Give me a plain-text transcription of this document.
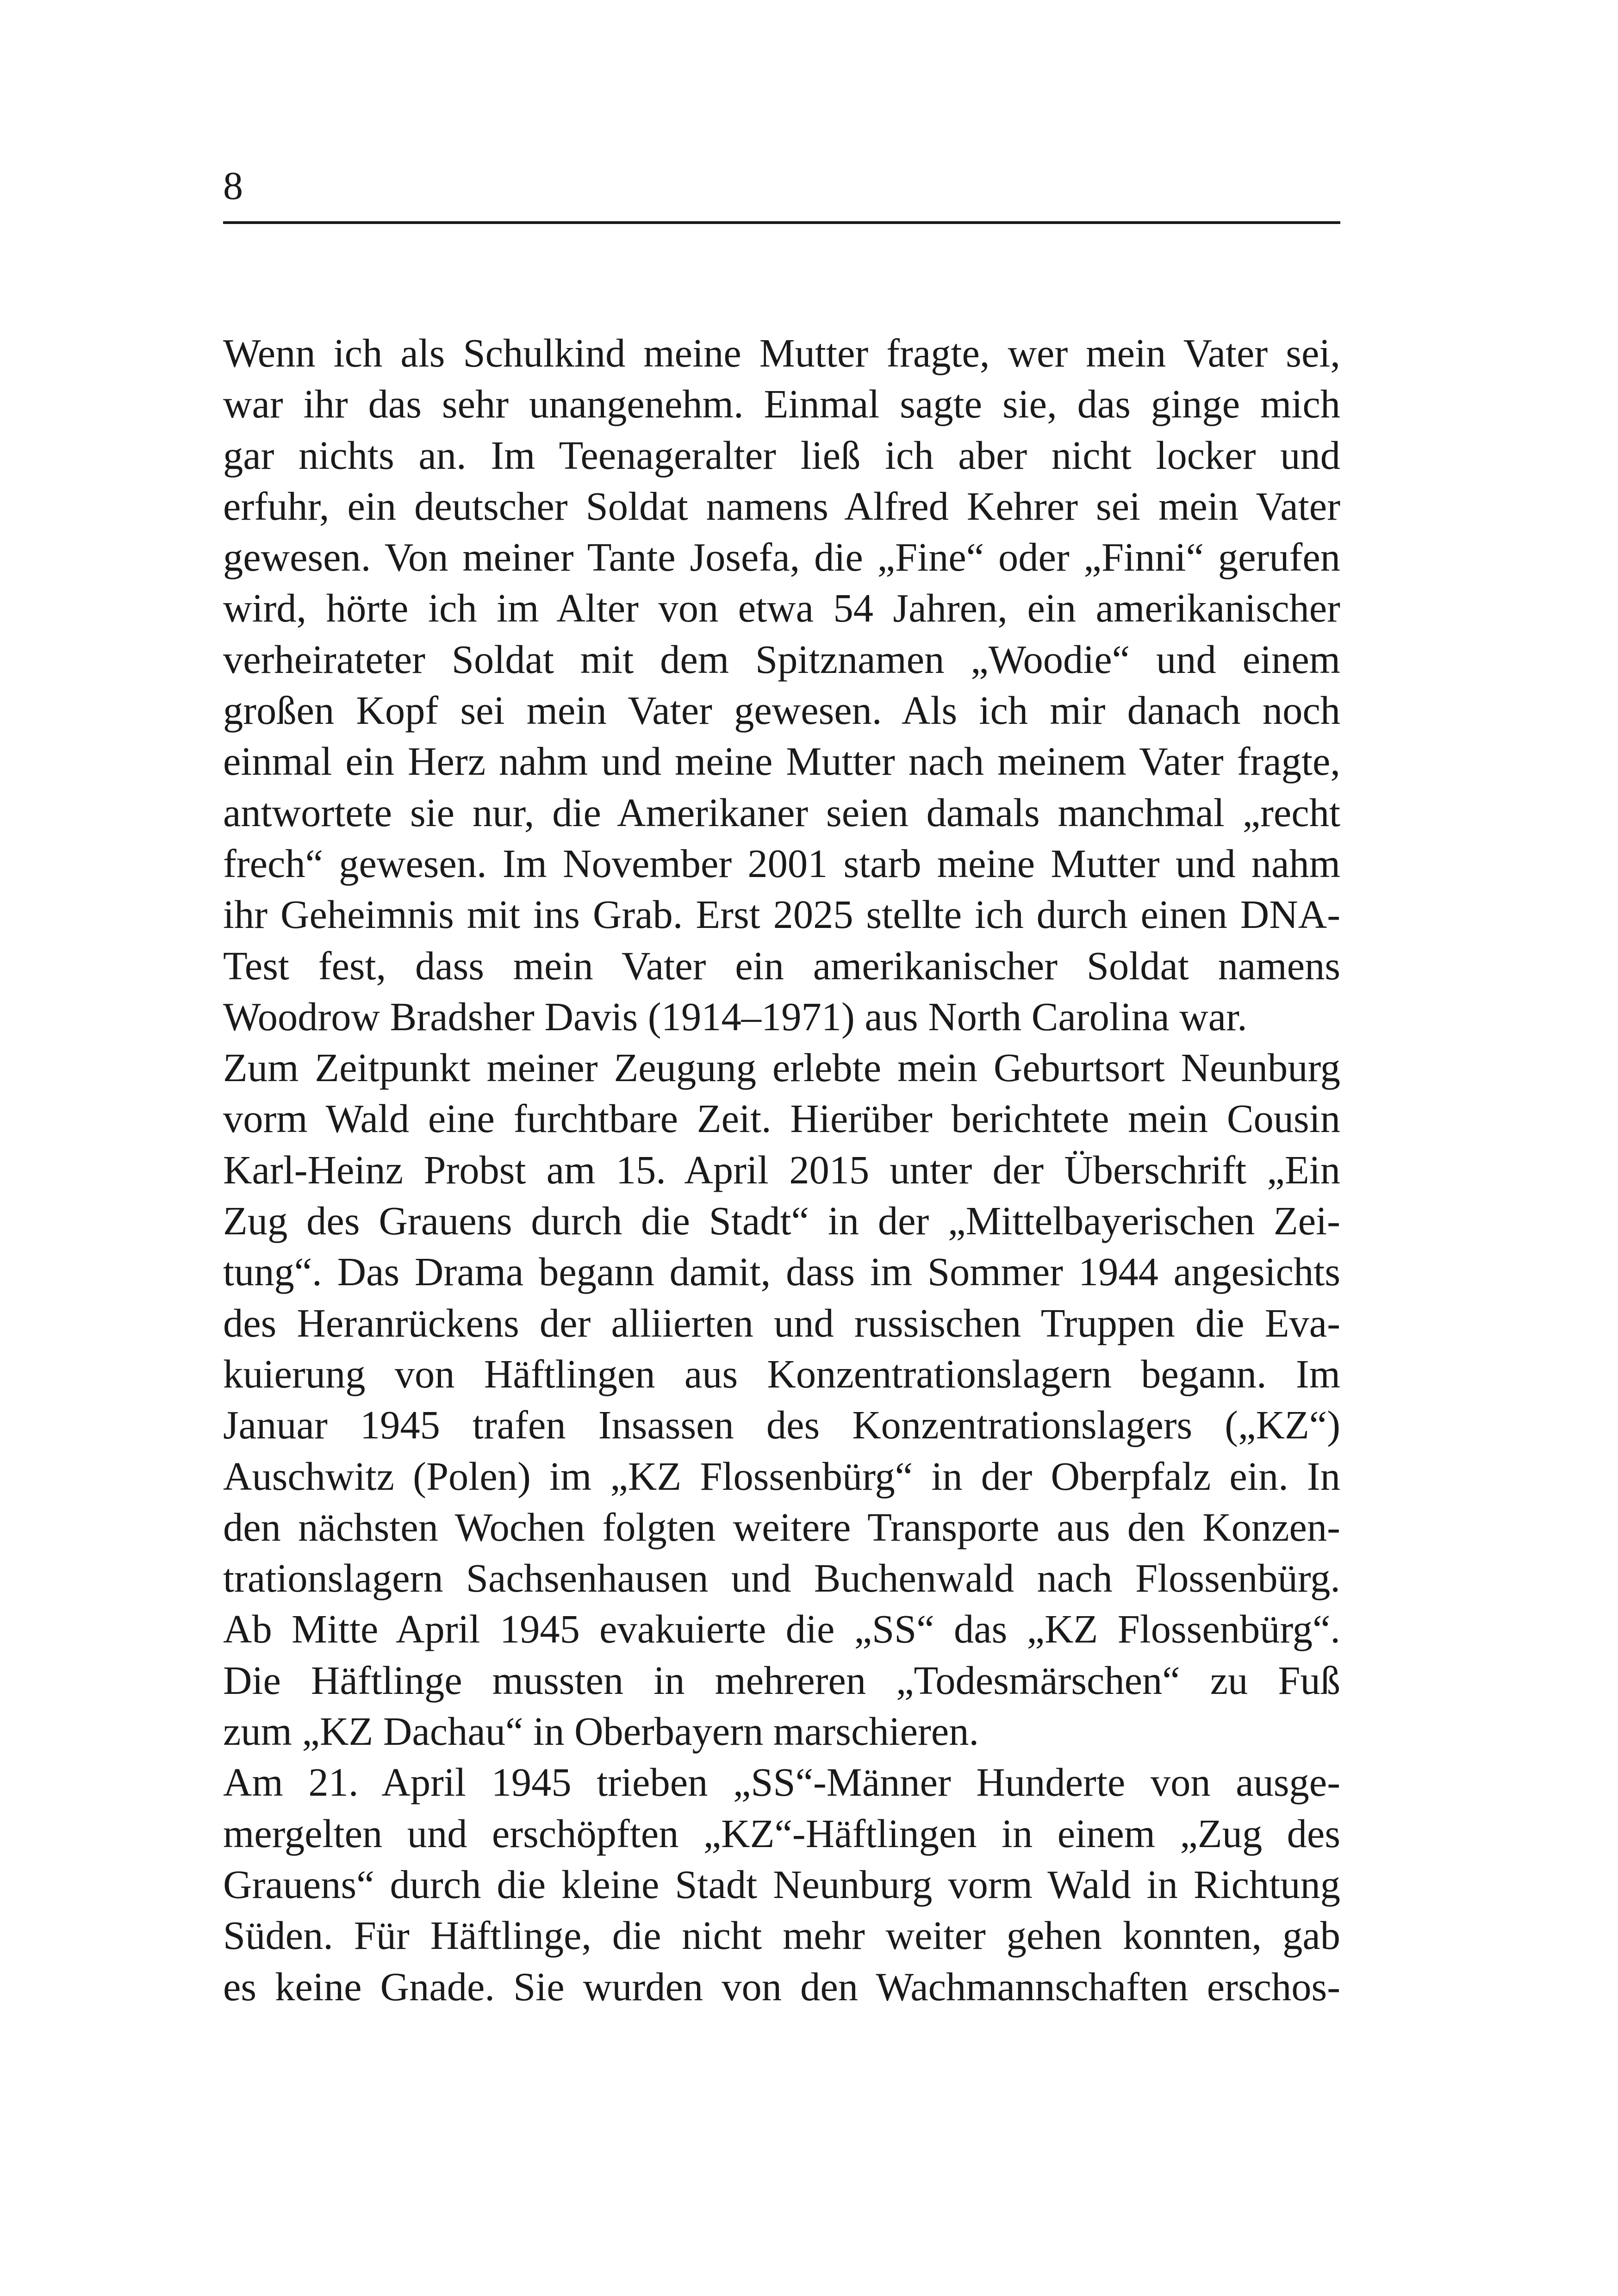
8
Wenn ich als Schulkind meine Mutter fragte, wer mein Vater sei,
war ihr das sehr unangenehm. Einmal sagte sie, das ginge mich
gar nichts an. Im Teenageralter ließ ich aber nicht locker und
erfuhr, ein deutscher Soldat namens Alfred Kehrer sei mein Vater
gewesen. Von meiner Tante Josefa, die „Fine“ oder „Finni“ gerufen
wird, hörte ich im Alter von etwa 54 Jahren, ein amerikanischer
verheirateter Soldat mit dem Spitznamen „Woodie“ und einem
großen Kopf sei mein Vater gewesen. Als ich mir danach noch
einmal ein Herz nahm und meine Mutter nach meinem Vater fragte,
antwortete sie nur, die Amerikaner seien damals manchmal „recht
frech“ gewesen. Im November 2001 starb meine Mutter und nahm
ihr Geheimnis mit ins Grab. Erst 2025 stellte ich durch einen DNA-
Test fest, dass mein Vater ein amerikanischer Soldat namens
Woodrow Bradsher Davis (1914–1971) aus North Carolina war.
Zum Zeitpunkt meiner Zeugung erlebte mein Geburtsort Neunburg
vorm Wald eine furchtbare Zeit. Hierüber berichtete mein Cousin
Karl-Heinz Probst am 15. April 2015 unter der Überschrift „Ein
Zug des Grauens durch die Stadt“ in der „Mittelbayerischen Zei-
tung“. Das Drama begann damit, dass im Sommer 1944 angesichts
des Heranrückens der alliierten und russischen Truppen die Eva-
kuierung von Häftlingen aus Konzentrationslagern begann. Im
Januar 1945 trafen Insassen des Konzentrationslagers („KZ“)
Auschwitz (Polen) im „KZ Flossenbürg“ in der Oberpfalz ein. In
den nächsten Wochen folgten weitere Transporte aus den Konzen-
trationslagern Sachsenhausen und Buchenwald nach Flossenbürg.
Ab Mitte April 1945 evakuierte die „SS“ das „KZ Flossenbürg“.
Die Häftlinge mussten in mehreren „Todesmärschen“ zu Fuß
zum „KZ Dachau“ in Oberbayern marschieren.
Am 21. April 1945 trieben „SS“-Männer Hunderte von ausge-
mergelten und erschöpften „KZ“-Häftlingen in einem „Zug des
Grauens“ durch die kleine Stadt Neunburg vorm Wald in Richtung
Süden. Für Häftlinge, die nicht mehr weiter gehen konnten, gab
es keine Gnade. Sie wurden von den Wachmannschaften erschos-
